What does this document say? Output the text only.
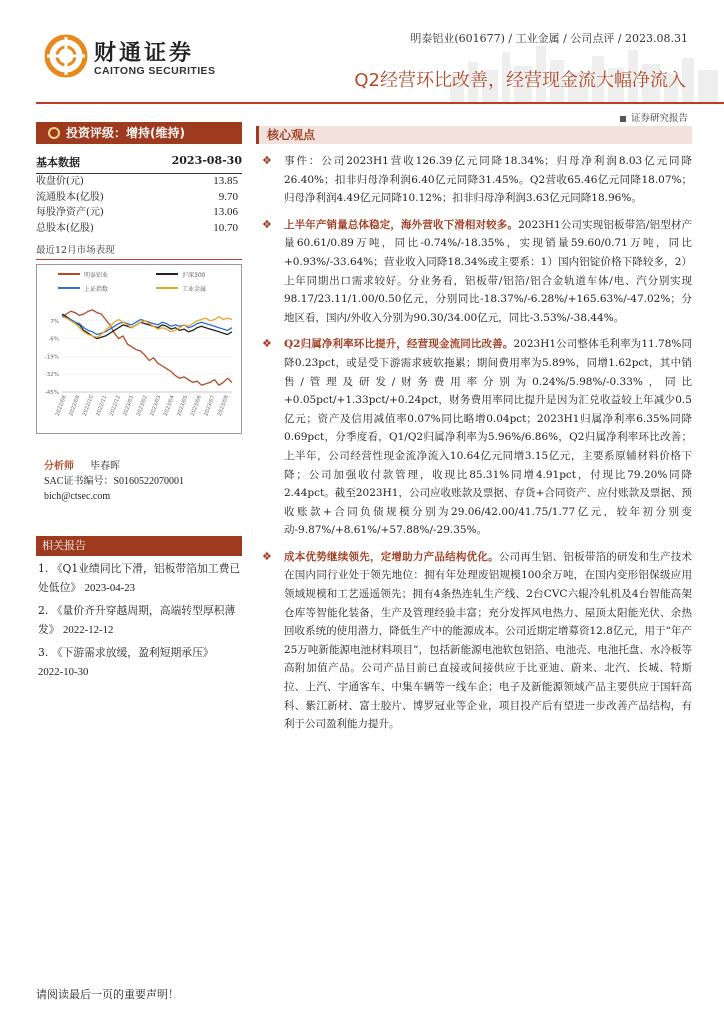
财通证券
CAITONG SECURITIES
明泰铝业(601677) / 工业金属 / 公司点评 / 2023.08.31
Q2经营环比改善，经营现金流大幅净流入
证券研究报告
投资评级：增持(维持)
基本数据	2023-08-30
收盘价(元)	13.85
流通股本(亿股)	9.70
每股净资产(元)	13.06
总股本(亿股)	10.70
最近12月市场表现
明泰铝业	沪深300
上证指数	工业金属
7%
-6%
-19%
-32%
-45%
2022/08 2022/09 2022/10 2022/11 2022/12 2023/01 2023/02 2023/03 2023/04 2023/05 2023/06 2023/07 2023/08
分析师 毕春晖
SAC证书编号：S0160522070001
bich@ctsec.com
相关报告
1. 《Q1业绩同比下滑，铝板带箔加工费已处低位》 2023-04-23
2. 《量价齐升穿越周期，高端转型厚积薄发》 2022-12-12
3. 《下游需求放缓，盈利短期承压》 2022-10-30
核心观点
❖ 事件：公司2023H1营收126.39亿元同降18.34%；归母净利润8.03亿元同降26.40%；扣非归母净利润6.40亿元同降31.45%。Q2营收65.46亿元同降18.07%；归母净利润4.49亿元同降10.12%；扣非归母净利润3.63亿元同降18.96%。
❖ 上半年产销量总体稳定，海外营收下滑相对较多。2023H1公司实现铝板带箔/铝型材产量60.61/0.89万吨，同比-0.74%/-18.35%，实现销量59.60/0.71万吨，同比+0.93%/-33.64%；营业收入同降18.34%或主要系：1）国内铝锭价格下降较多，2）上年同期出口需求较好。分业务看，铝板带/铝箔/铝合金轨道车体/电、汽分别实现98.17/23.11/1.00/0.50亿元，分别同比-18.37%/-6.28%/+165.63%/-47.02%；分地区看，国内/外收入分别为90.30/34.00亿元，同比-3.53%/-38.44%。
❖ Q2归属净利率环比提升，经营现金流同比改善。2023H1公司整体毛利率为11.78%同降0.23pct，或是受下游需求疲软拖累；期间费用率为5.89%，同增1.62pct，其中销售/管理及研发/财务费用率分别为0.24%/5.98%/-0.33%，同比+0.05pct/+1.33pct/+0.24pct，财务费用率同比提升是因为汇兑收益较上年减少0.5亿元；资产及信用减值率0.07%同比略增0.04pct；2023H1归属净利率6.35%同降0.69pct，分季度看，Q1/Q2归属净利率为5.96%/6.86%，Q2归属净利率环比改善；上半年，公司经营性现金流净流入10.64亿元同增3.15亿元，主要系原辅材料价格下降；公司加强收付款管理，收现比85.31%同增4.91pct，付现比79.20%同降2.44pct。截至2023H1，公司应收账款及票据、存货+合同资产、应付账款及票据、预收账款+合同负债规模分别为29.06/42.00/41.75/1.77亿元，较年初分别变动-9.87%/+8.61%/+57.88%/-29.35%。
❖ 成本优势继续领先，定增助力产品结构优化。公司再生铝、铝板带箔的研发和生产技术在国内同行业处于领先地位：拥有年处理废铝规模100余万吨，在国内变形铝保级应用领域规模和工艺遥遥领先；拥有4条热连轧生产线、2台CVC六辊冷轧机及4台智能高架仓库等智能化装备，生产及管理经验丰富；充分发挥风电热力、屋顶太阳能光伏、余热回收系统的使用潜力，降低生产中的能源成本。公司近期定增募资12.8亿元，用于“年产25万吨新能源电池材料项目”，包括新能源电池软包铝箔、电池壳、电池托盘、水冷板等高附加值产品。公司产品目前已直接或间接供应于比亚迪、蔚来、北汽、长城、特斯拉、上汽、宇通客车、中集车辆等一线车企；电子及新能源领域产品主要供应于国轩高科、紫江新材、富士胶片、博罗冠业等企业，项目投产后有望进一步改善产品结构，有利于公司盈利能力提升。
请阅读最后一页的重要声明！
